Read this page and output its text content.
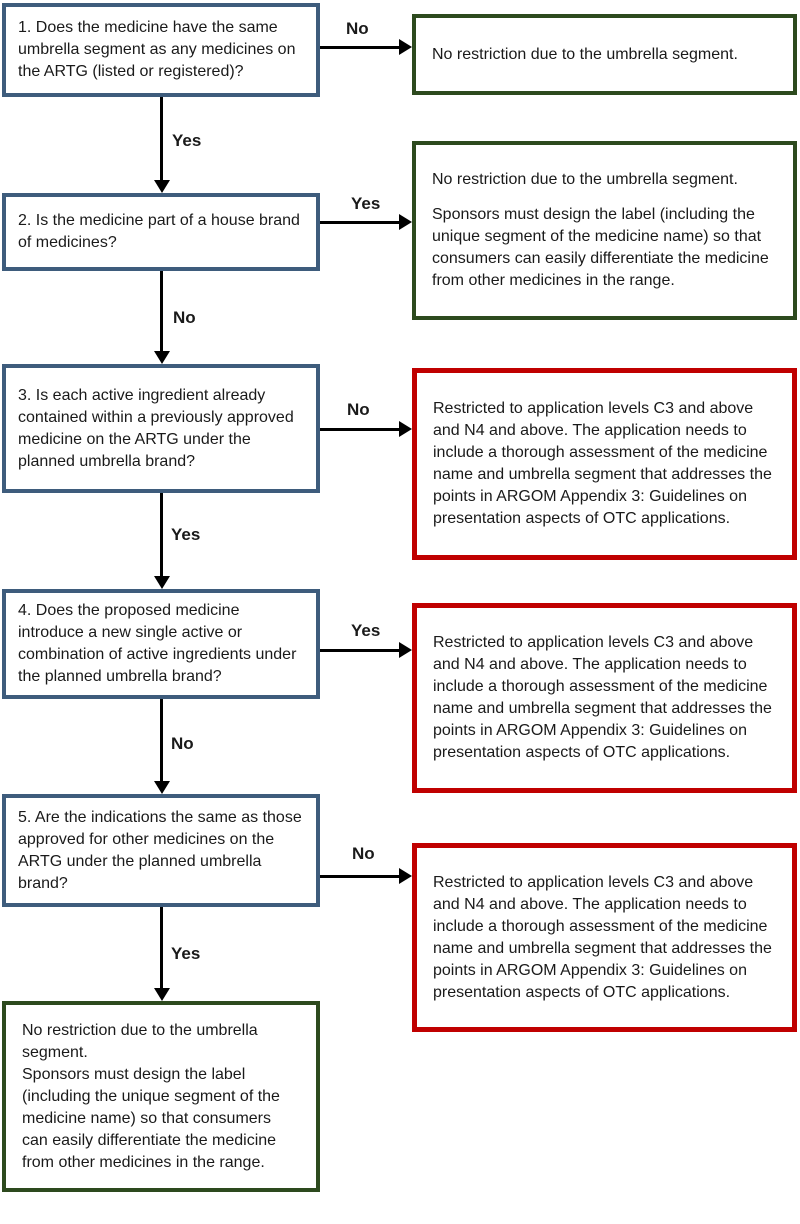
1. Does the medicine have the same umbrella segment as any medicines on the ARTG (listed or registered)?

2. Is the medicine part of a house brand of medicines?

3. Is each active ingredient already contained within a previously approved medicine on the ARTG under the planned umbrella brand?

4. Does the proposed medicine introduce a new single active or combination of active ingredients under the planned umbrella brand?

5. Are the indications the same as those approved for other medicines on the ARTG under the planned umbrella brand?

No restriction due to the umbrella segment.

No restriction due to the umbrella segment.

Sponsors must design the label (including the unique segment of the medicine name) so that consumers can easily differentiate the medicine from other medicines in the range.

Restricted to application levels C3 and above and N4 and above. The application needs to include a thorough assessment of the medicine name and umbrella segment that addresses the points in ARGOM Appendix 3: Guidelines on presentation aspects of OTC applications.

Restricted to application levels C3 and above and N4 and above. The application needs to include a thorough assessment of the medicine name and umbrella segment that addresses the points in ARGOM Appendix 3: Guidelines on presentation aspects of OTC applications.

Restricted to application levels C3 and above and N4 and above. The application needs to include a thorough assessment of the medicine name and umbrella segment that addresses the points in ARGOM Appendix 3: Guidelines on presentation aspects of OTC applications.

No restriction due to the umbrella segment.

Sponsors must design the label (including the unique segment of the medicine name) so that consumers can easily differentiate the medicine from other medicines in the range.

No
Yes
Yes
No
No
Yes
Yes
No
No
Yes
